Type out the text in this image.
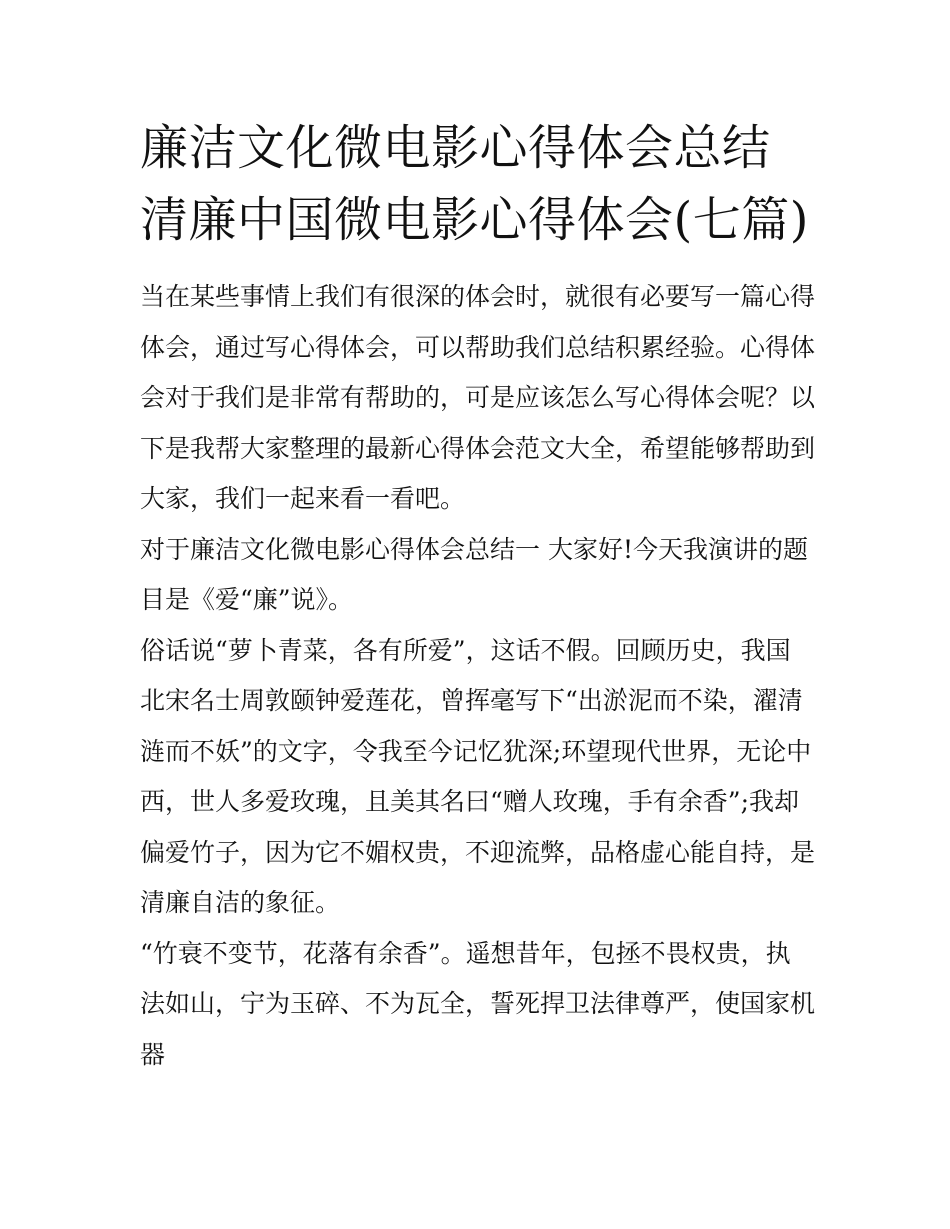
廉洁文化微电影心得体会总结清廉中国微电影心得体会(七篇)

当在某些事情上我们有很深的体会时，就很有必要写一篇心得体会，通过写心得体会，可以帮助我们总结积累经验。心得体会对于我们是非常有帮助的，可是应该怎么写心得体会呢？以下是我帮大家整理的最新心得体会范文大全，希望能够帮助到大家，我们一起来看一看吧。

对于廉洁文化微电影心得体会总结一 大家好!今天我演讲的题目是《爱“廉”说》。

俗话说“萝卜青菜，各有所爱”，这话不假。回顾历史，我国北宋名士周敦颐钟爱莲花，曾挥毫写下“出淤泥而不染，濯清涟而不妖”的文字，令我至今记忆犹深;环望现代世界，无论中西，世人多爱玫瑰，且美其名曰“赠人玫瑰，手有余香”;我却偏爱竹子，因为它不媚权贵，不迎流弊，品格虚心能自持，是清廉自洁的象征。

“竹衰不变节，花落有余香”。遥想昔年，包拯不畏权贵，执法如山，宁为玉碎、不为瓦全，誓死捍卫法律尊严，使国家机器
